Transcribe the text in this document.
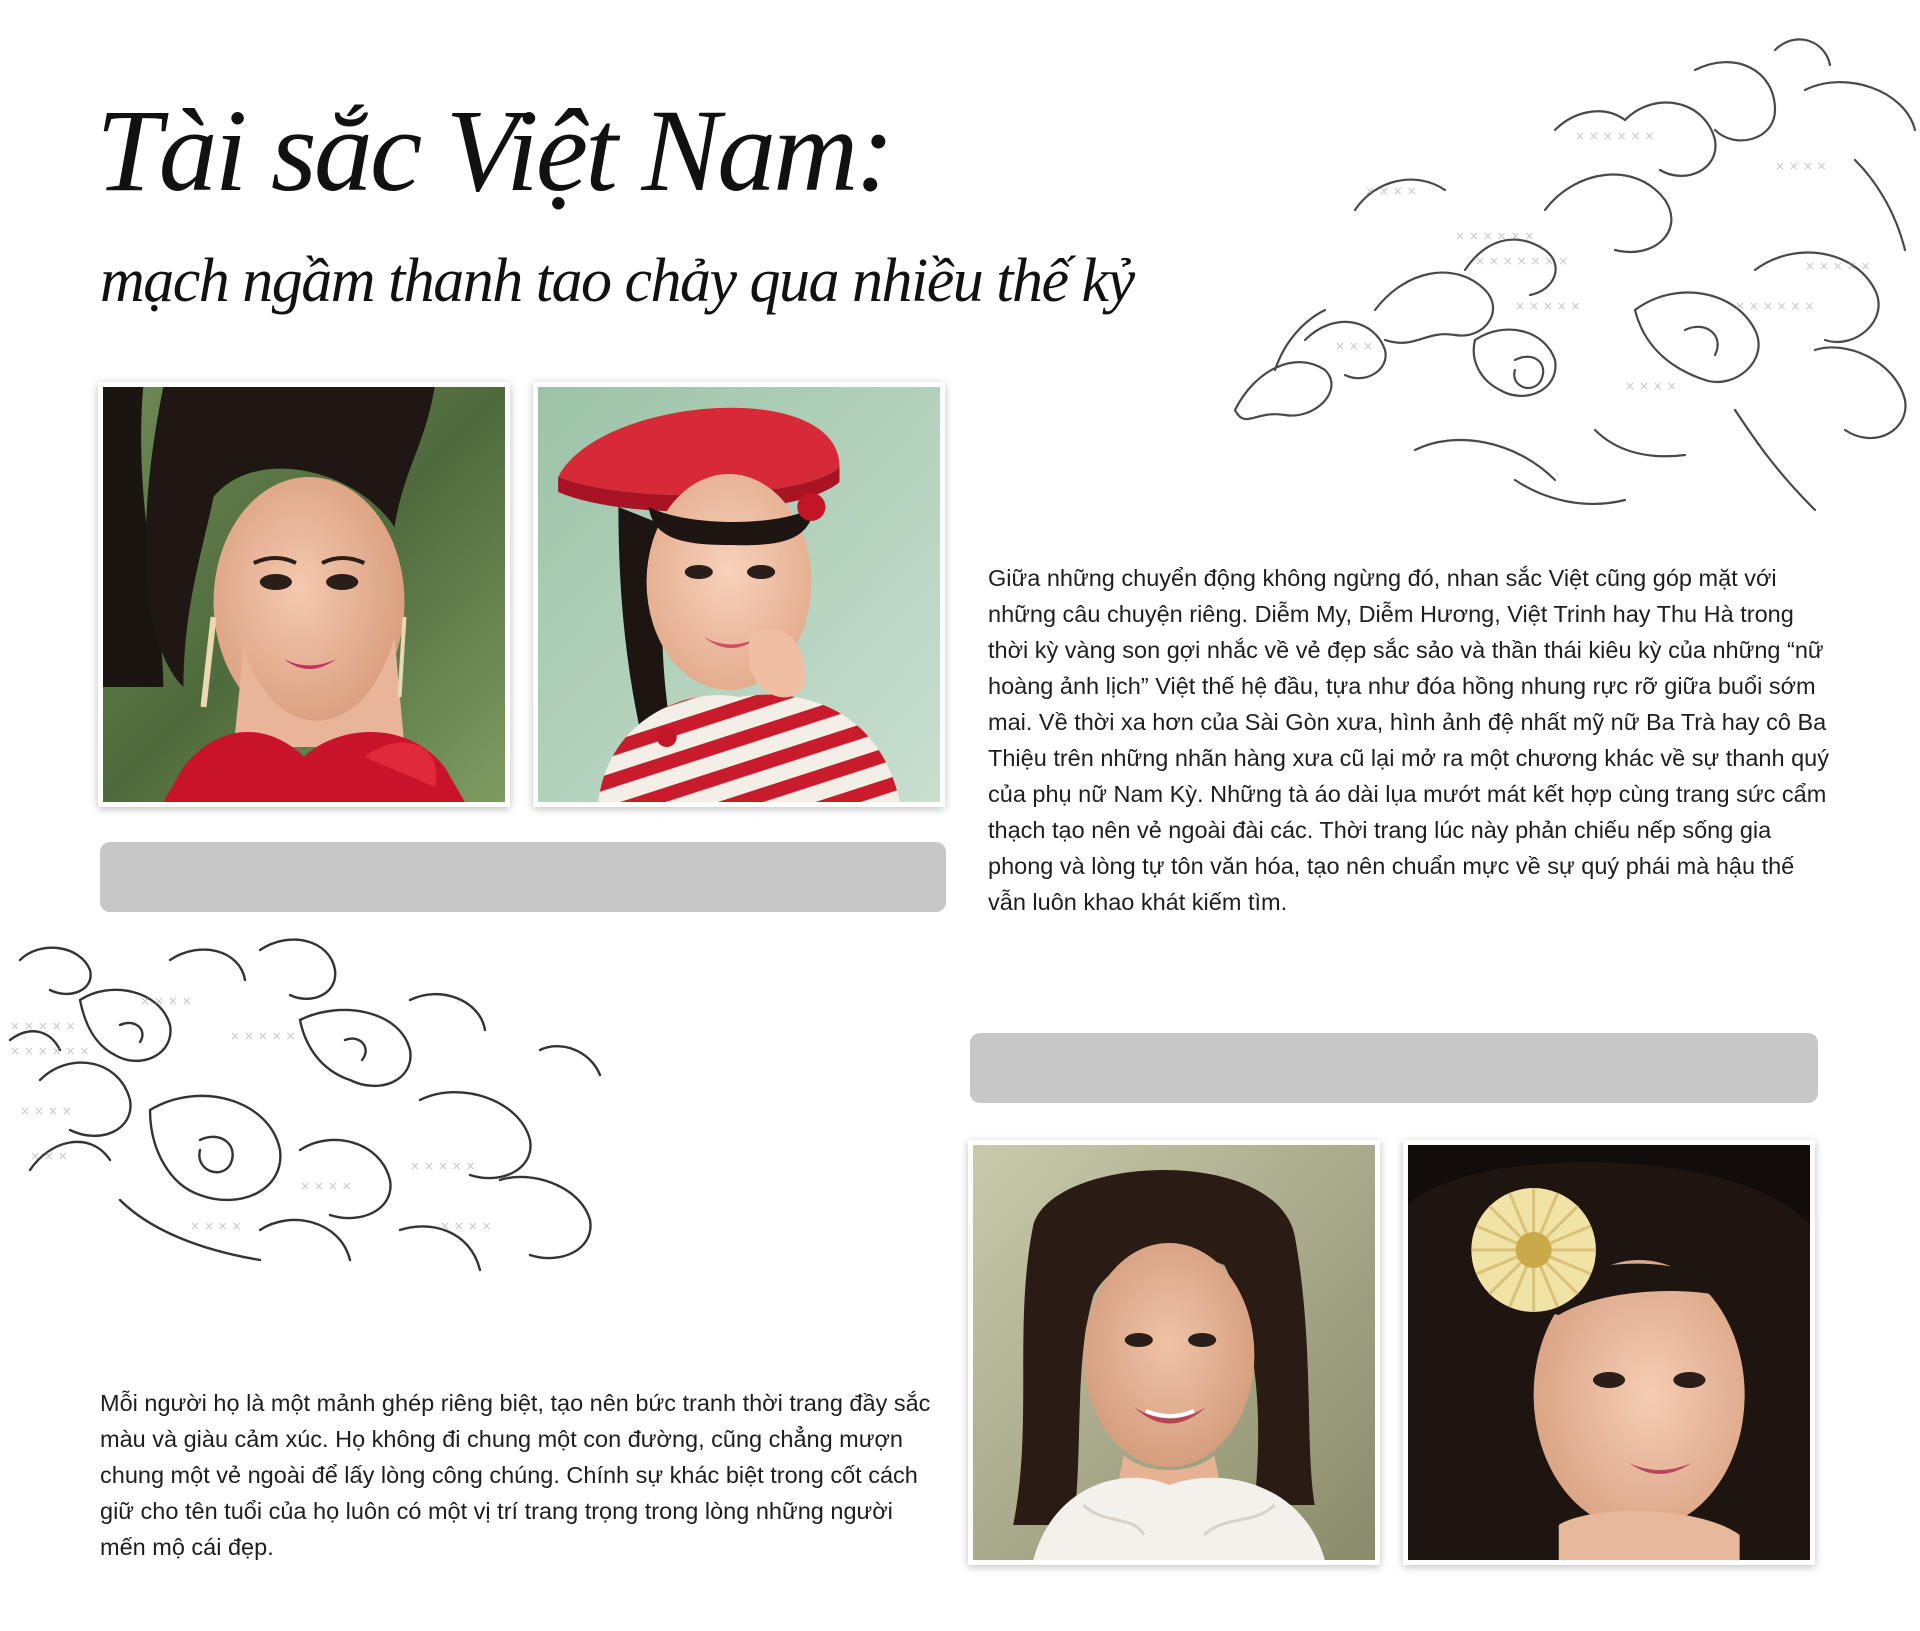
Tài sắc Việt Nam:
mạch ngầm thanh tao chảy qua nhiều thế kỷ
× × × ×
× × × × × ×
× × × × × × ×
× × × × × ×
× × × ×
× × × × ×
× × × × × ×
× × ×
× × × ×
× × × × ×

Giữa những chuyển động không ngừng đó, nhan sắc Việt cũng góp mặt với những câu chuyện riêng. Diễm My, Diễm Hương, Việt Trinh hay Thu Hà trong thời kỳ vàng son gợi nhắc về vẻ đẹp sắc sảo và thần thái kiêu kỳ của những “nữ hoàng ảnh lịch” Việt thế hệ đầu, tựa như đóa hồng nhung rực rỡ giữa buổi sớm mai. Về thời xa hơn của Sài Gòn xưa, hình ảnh đệ nhất mỹ nữ Ba Trà hay cô Ba Thiệu trên những nhãn hàng xưa cũ lại mở ra một chương khác về sự thanh quý của phụ nữ Nam Kỳ. Những tà áo dài lụa mướt mát kết hợp cùng trang sức cẩm thạch tạo nên vẻ ngoài đài các. Thời trang lúc này phản chiếu nếp sống gia phong và lòng tự tôn văn hóa, tạo nên chuẩn mực về sự quý phái mà hậu thế vẫn luôn khao khát kiếm tìm.

× × × × ×
× × × × × ×
× × × ×
× × × ×
× × × × ×
× × × ×
× × × × ×
× × × ×
× × × ×
× × ×

Mỗi người họ là một mảnh ghép riêng biệt, tạo nên bức tranh thời trang đầy sắc màu và giàu cảm xúc. Họ không đi chung một con đường, cũng chẳng mượn chung một vẻ ngoài để lấy lòng công chúng. Chính sự khác biệt trong cốt cách giữ cho tên tuổi của họ luôn có một vị trí trang trọng trong lòng những người mến mộ cái đẹp.
